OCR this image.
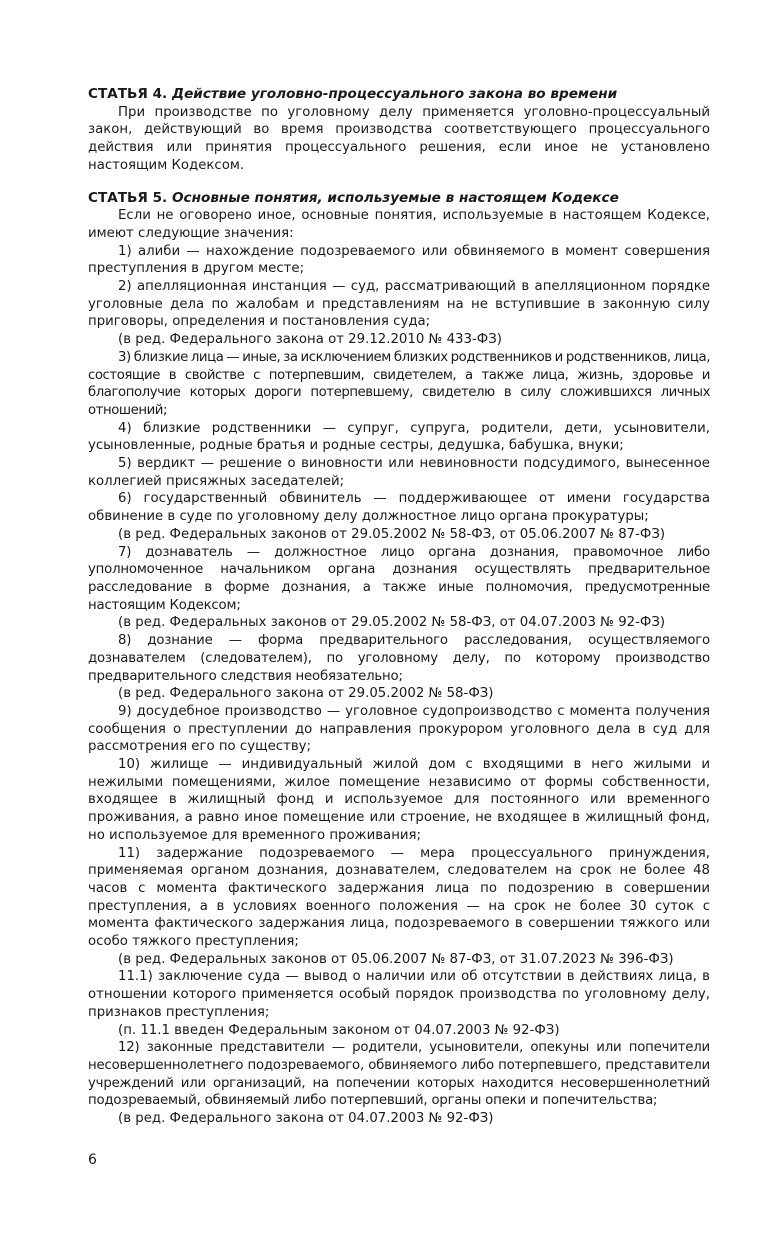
СТАТЬЯ 4. Действие уголовно-процессуального закона во времени

При производстве по уголовному делу применяется уголовно-процессуальный закон, действующий во время производства соответствующего процессуального действия или принятия процессуального решения, если иное не установлено настоящим Кодексом.

СТАТЬЯ 5. Основные понятия, используемые в настоящем Кодексе

Если не оговорено иное, основные понятия, используемые в настоящем Кодексе, имеют следующие значения:

1) алиби — нахождение подозреваемого или обвиняемого в момент совершения преступления в другом месте;

2) апелляционная инстанция — суд, рассматривающий в апелляционном порядке уголовные дела по жалобам и представлениям на не вступившие в законную силу приговоры, определения и постановления суда;

(в ред. Федерального закона от 29.12.2010 № 433-ФЗ)

3) близкие лица — иные, за исключением близких родственников и родственников, лица, состоящие в свойстве с потерпевшим, свидетелем, а также лица, жизнь, здоровье и благополучие которых дороги потерпевшему, свидетелю в силу сложившихся личных отношений;

4) близкие родственники — супруг, супруга, родители, дети, усыновители, усыновленные, родные братья и родные сестры, дедушка, бабушка, внуки;

5) вердикт — решение о виновности или невиновности подсудимого, вынесенное коллегией присяжных заседателей;

6) государственный обвинитель — поддерживающее от имени государства обвинение в суде по уголовному делу должностное лицо органа прокуратуры;

(в ред. Федеральных законов от 29.05.2002 № 58-ФЗ, от 05.06.2007 № 87-ФЗ)

7) дознаватель — должностное лицо органа дознания, правомочное либо уполномоченное начальником органа дознания осуществлять предварительное расследование в форме дознания, а также иные полномочия, предусмотренные настоящим Кодексом;

(в ред. Федеральных законов от 29.05.2002 № 58-ФЗ, от 04.07.2003 № 92-ФЗ)

8) дознание — форма предварительного расследования, осуществляемого дознавателем (следователем), по уголовному делу, по которому производство предварительного следствия необязательно;

(в ред. Федерального закона от 29.05.2002 № 58-ФЗ)

9) досудебное производство — уголовное судопроизводство с момента получения сообщения о преступлении до направления прокурором уголовного дела в суд для рассмотрения его по существу;

10) жилище — индивидуальный жилой дом с входящими в него жилыми и нежилыми помещениями, жилое помещение независимо от формы собственности, входящее в жилищный фонд и используемое для постоянного или временного проживания, а равно иное помещение или строение, не входящее в жилищный фонд, но используемое для временного проживания;

11) задержание подозреваемого — мера процессуального принуждения, применяемая органом дознания, дознавателем, следователем на срок не более 48 часов с момента фактического задержания лица по подозрению в совершении преступления, а в условиях военного положения — на срок не более 30 суток с момента фактического задержания лица, подозреваемого в совершении тяжкого или особо тяжкого преступления;

(в ред. Федеральных законов от 05.06.2007 № 87-ФЗ, от 31.07.2023 № 396-ФЗ)

11.1) заключение суда — вывод о наличии или об отсутствии в действиях лица, в отношении которого применяется особый порядок производства по уголовному делу, признаков преступления;

(п. 11.1 введен Федеральным законом от 04.07.2003 № 92-ФЗ)

12) законные представители — родители, усыновители, опекуны или попечители несовершеннолетнего подозреваемого, обвиняемого либо потерпевшего, представители учреждений или организаций, на попечении которых находится несовершеннолетний подозреваемый, обвиняемый либо потерпевший, органы опеки и попечительства;

(в ред. Федерального закона от 04.07.2003 № 92-ФЗ)

6
